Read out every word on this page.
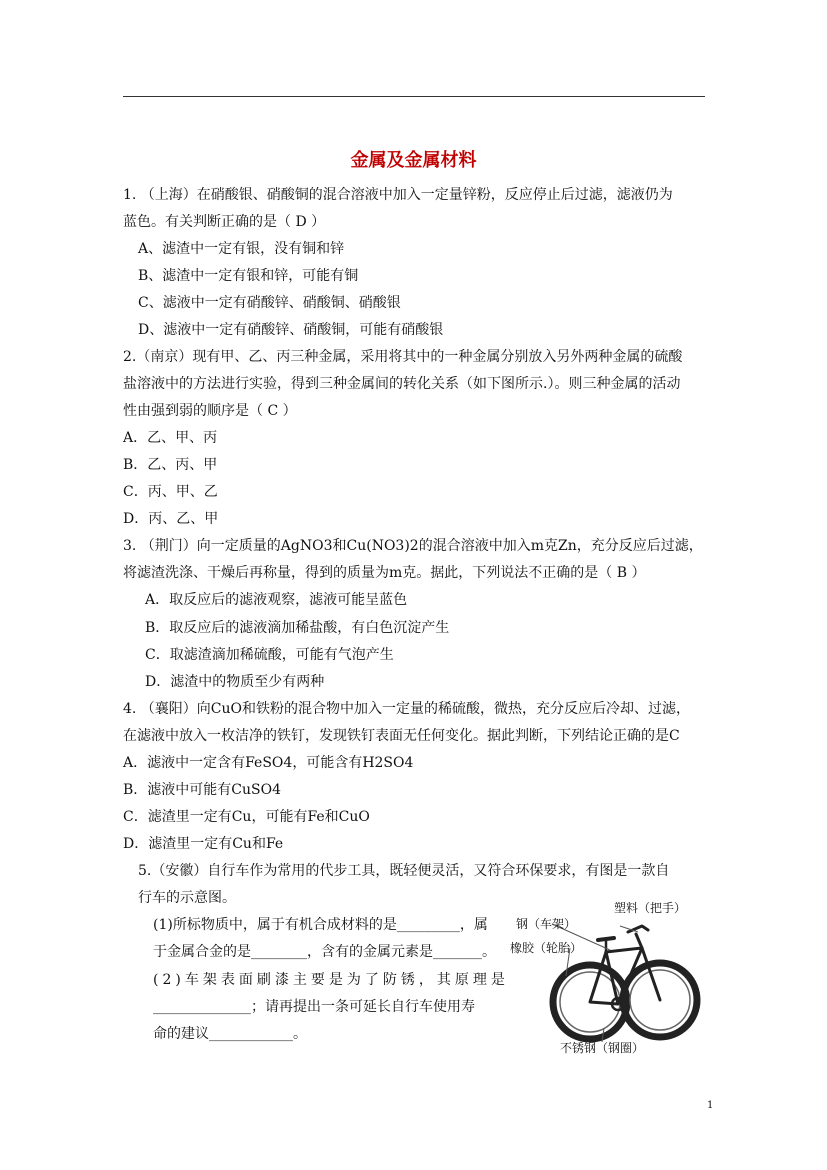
金属及金属材料
1. （上海）在硝酸银、硝酸铜的混合溶液中加入一定量锌粉，反应停止后过滤，滤液仍为
蓝色。有关判断正确的是（ D ）
A、滤渣中一定有银，没有铜和锌
B、滤渣中一定有银和锌，可能有铜
C、滤液中一定有硝酸锌、硝酸铜、硝酸银
D、滤液中一定有硝酸锌、硝酸铜，可能有硝酸银
2.（南京）现有甲、乙、丙三种金属，采用将其中的一种金属分别放入另外两种金属的硫酸
盐溶液中的方法进行实验，得到三种金属间的转化关系（如下图所示.）。则三种金属的活动
性由强到弱的顺序是（ C ）
A．乙、甲、丙
B．乙、丙、甲
C．丙、甲、乙
D．丙、乙、甲
3. （荆门）向一定质量的AgNO3和Cu(NO3)2的混合溶液中加入m克Zn，充分反应后过滤，
将滤渣洗涤、干燥后再称量，得到的质量为m克。据此，下列说法不正确的是（ B ）
A．取反应后的滤液观察，滤液可能呈蓝色
B．取反应后的滤液滴加稀盐酸，有白色沉淀产生
C．取滤渣滴加稀硫酸，可能有气泡产生
D．滤渣中的物质至少有两种
4. （襄阳）向CuO和铁粉的混合物中加入一定量的稀硫酸，微热，充分反应后冷却、过滤，
在滤液中放入一枚洁净的铁钉，发现铁钉表面无任何变化。据此判断，下列结论正确的是C
A．滤液中一定含有FeSO4，可能含有H2SO4
B．滤液中可能有CuSO4
C．滤渣里一定有Cu，可能有Fe和CuO
D．滤渣里一定有Cu和Fe
5.（安徽）自行车作为常用的代步工具，既轻便灵活，又符合环保要求，有图是一款自
行车的示意图。
(1)所标物质中，属于有机合成材料的是_________，属
于金属合金的是________，含有的金属元素是_______。
(2)车架表面刷漆主要是为了防锈，其原理是
______________；请再提出一条可延长自行车使用寿
命的建议____________。
塑料（把手）
钢（车架）
橡胶（轮胎）
不锈钢（钢圈）
1
